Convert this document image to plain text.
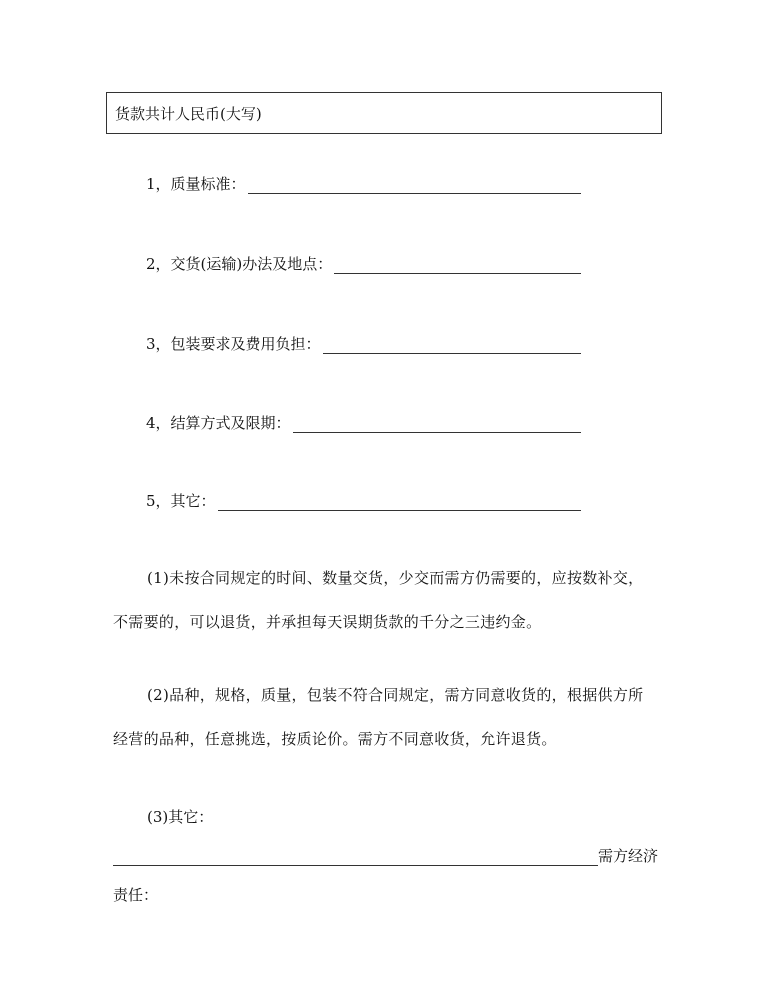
货款共计人民币(大写)
1，质量标准：
2，交货(运输)办法及地点：
3，包装要求及费用负担：
4，结算方式及限期：
5，其它：
(1)未按合同规定的时间、数量交货，少交而需方仍需要的，应按数补交，不需要的，可以退货，并承担每天误期货款的千分之三违约金。
(2)品种，规格，质量，包装不符合同规定，需方同意收货的，根据供方所经营的品种，任意挑选，按质论价。需方不同意收货，允许退货。
(3)其它：
需方经济
责任：
